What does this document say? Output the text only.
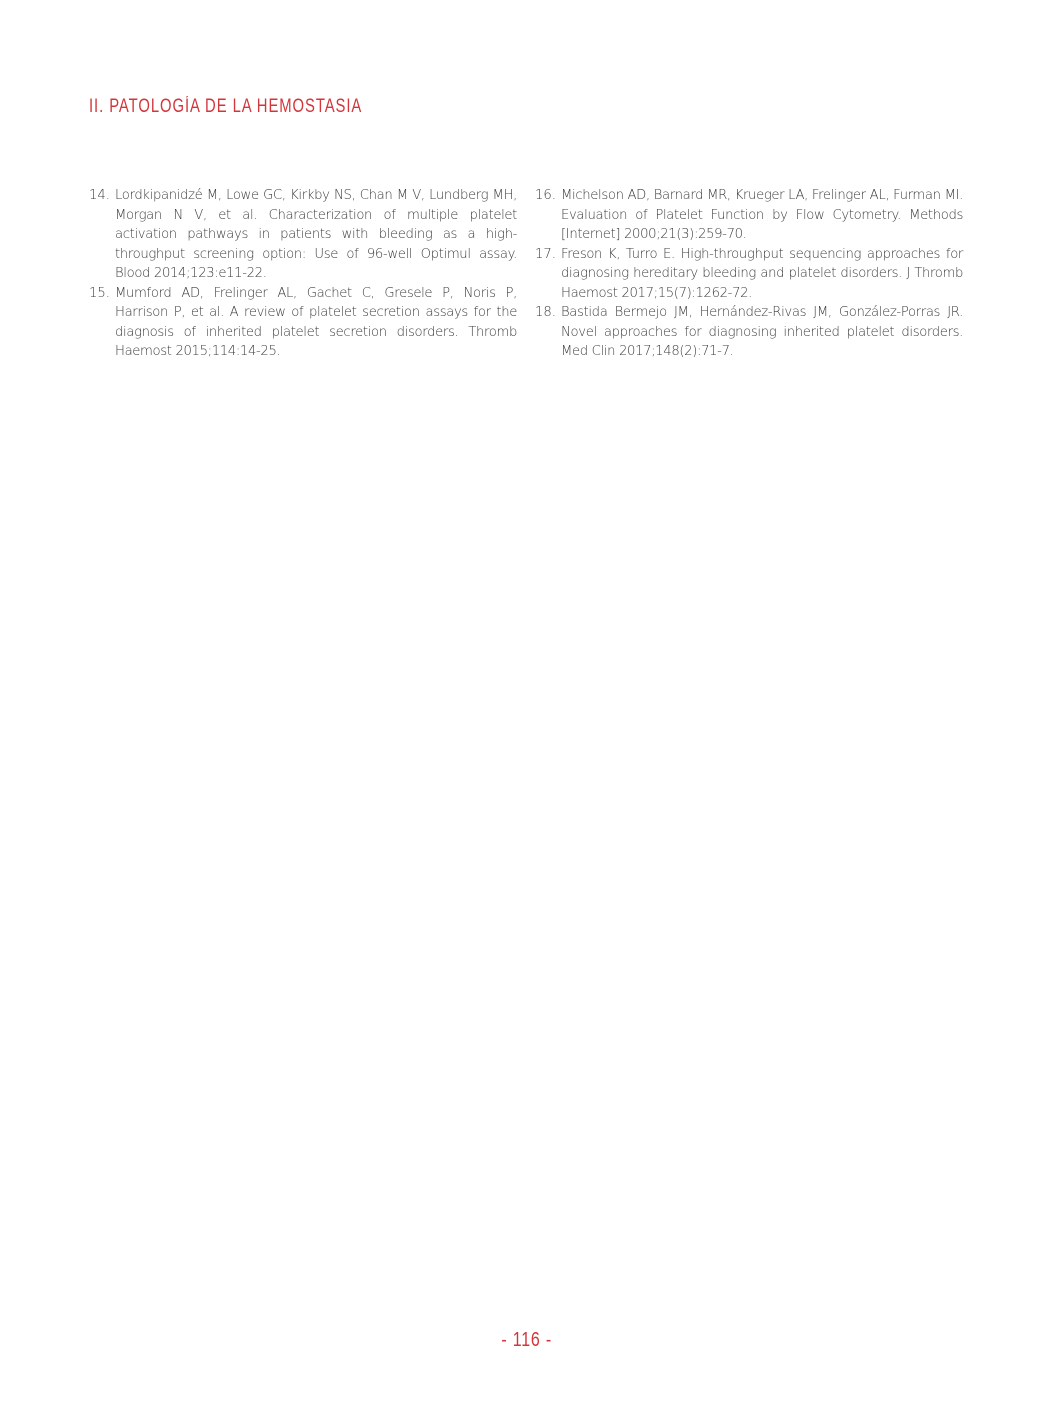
II. PATOLOGÍA DE LA HEMOSTASIA
14. Lordkipanidzé M, Lowe GC, Kirkby NS, Chan M V, Lundberg MH, Morgan N V, et al. Characterization of multiple platelet activation pathways in patients with bleeding as a high-throughput screening option: Use of 96-well Optimul assay. Blood 2014;123:e11-22.
15. Mumford AD, Frelinger AL, Gachet C, Gresele P, Noris P, Harrison P, et al. A review of platelet secretion assays for the diagnosis of inherited platelet secretion disorders. Thromb Haemost 2015;114:14-25.
16. Michelson AD, Barnard MR, Krueger LA, Frelinger AL, Furman MI. Evaluation of Platelet Function by Flow Cytometry. Methods [Internet] 2000;21(3):259-70.
17. Freson K, Turro E. High-throughput sequencing approaches for diagnosing hereditary bleeding and platelet disorders. J Thromb Haemost 2017;15(7):1262-72.
18. Bastida Bermejo JM, Hernández-Rivas JM, González-Porras JR. Novel approaches for diagnosing inherited platelet disorders. Med Clin 2017;148(2):71-7.
- 116 -
